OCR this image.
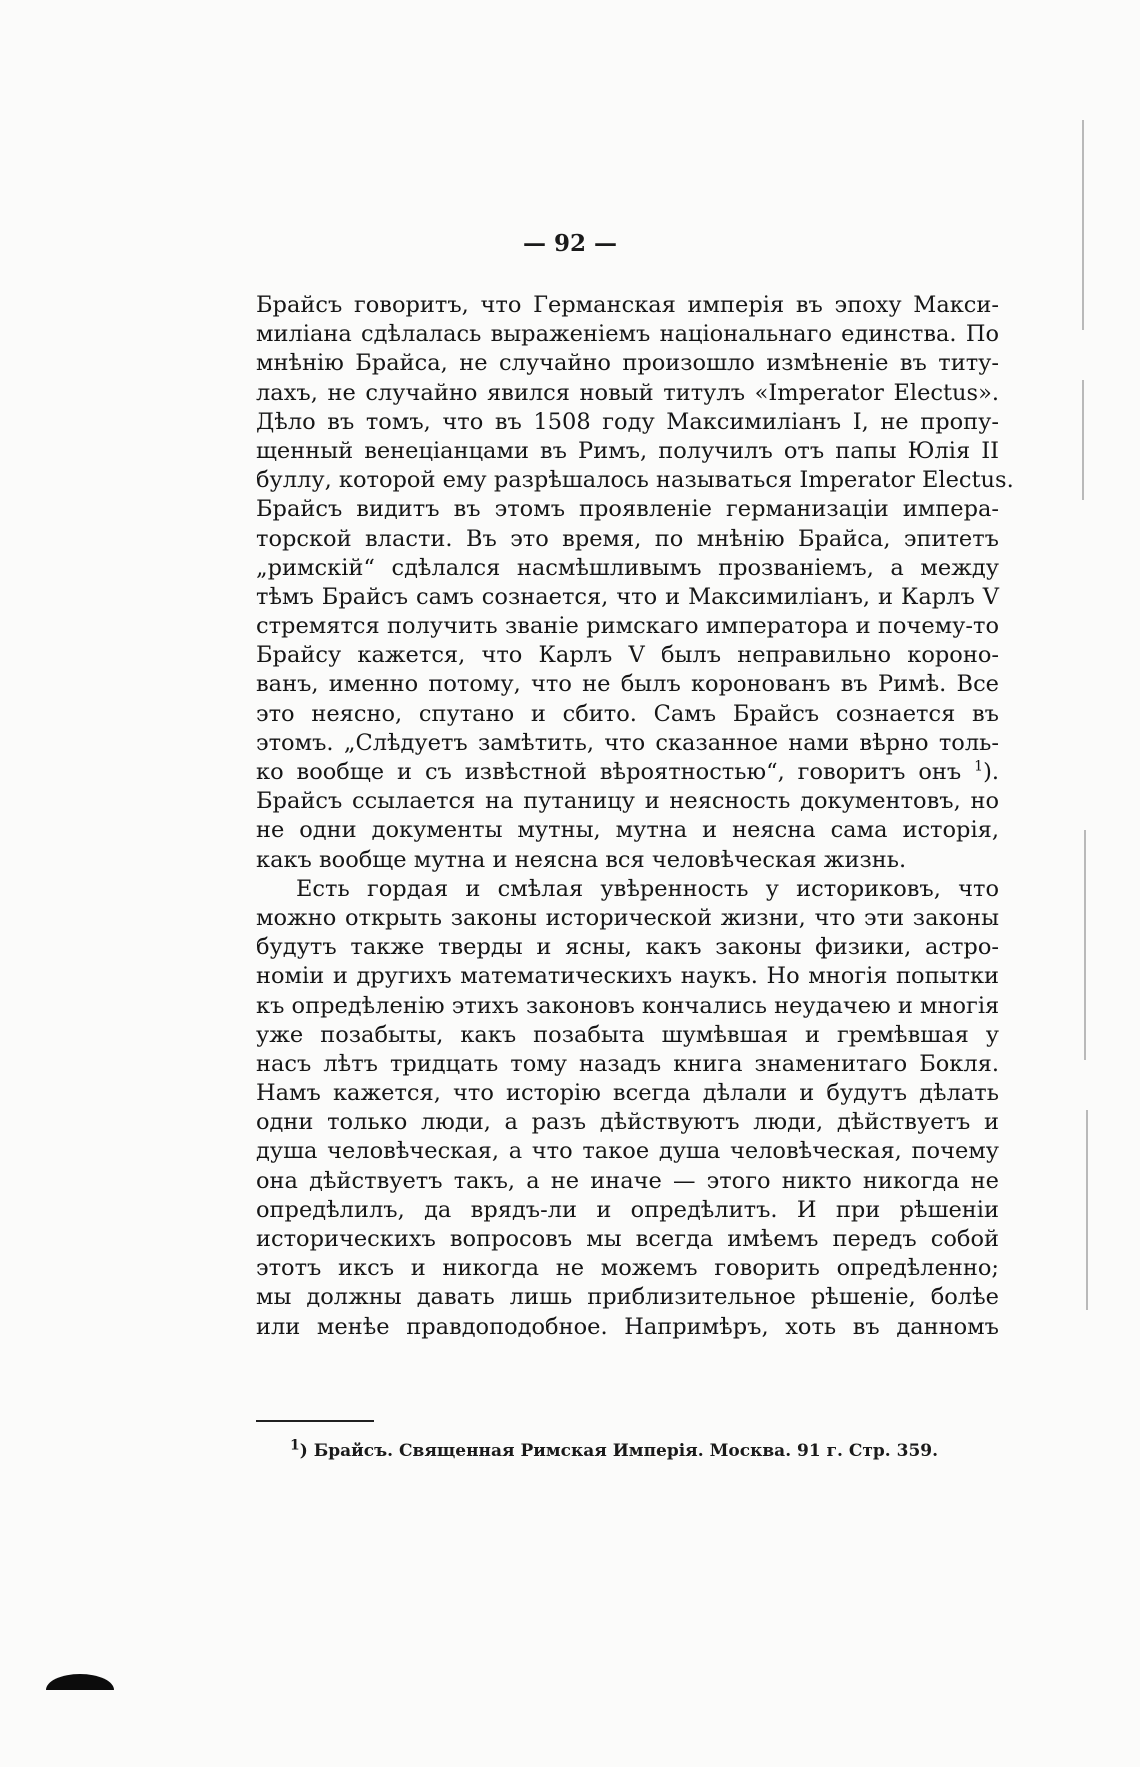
— 92 —
Брайсъ говоритъ, что Германская имперія въ эпоху Макси-
миліана сдѣлалась выраженіемъ національнаго единства. По
мнѣнію Брайса, не случайно произошло измѣненіе въ титу-
лахъ, не случайно явился новый титулъ «Imperator Electus».
Дѣло въ томъ, что въ 1508 году Максимиліанъ I, не пропу-
щенный венеціанцами въ Римъ, получилъ отъ папы Юлія II
буллу, которой ему разрѣшалось называться Imperator Electus.
Брайсъ видитъ въ этомъ проявленіе германизаціи импера-
торской власти. Въ это время, по мнѣнію Брайса, эпитетъ
„римскій“ сдѣлался насмѣшливымъ прозваніемъ, а между
тѣмъ Брайсъ самъ сознается, что и Максимиліанъ, и Карлъ V
стремятся получить званіе римскаго императора и почему-то
Брайсу кажется, что Карлъ V былъ неправильно короно-
ванъ, именно потому, что не былъ коронованъ въ Римѣ. Все
это неясно, спутано и сбито. Самъ Брайсъ сознается въ
этомъ. „Слѣдуетъ замѣтить, что сказанное нами вѣрно толь-
ко вообще и съ извѣстной вѣроятностью“, говоритъ онъ $^1$).
Брайсъ ссылается на путаницу и неясность документовъ, но
не одни документы мутны, мутна и неясна сама исторія,
какъ вообще мутна и неясна вся человѣческая жизнь.
Есть гордая и смѣлая увѣренность у историковъ, что
можно открыть законы исторической жизни, что эти законы
будутъ также тверды и ясны, какъ законы физики, астро-
номіи и другихъ математическихъ наукъ. Но многія попытки
къ опредѣленію этихъ законовъ кончались неудачею и многія
уже позабыты, какъ позабыта шумѣвшая и гремѣвшая у
насъ лѣтъ тридцать тому назадъ книга знаменитаго Бокля.
Намъ кажется, что исторію всегда дѣлали и будутъ дѣлать
одни только люди, а разъ дѣйствуютъ люди, дѣйствуетъ и
душа человѣческая, а что такое душа человѣческая, почему
она дѣйствуетъ такъ, а не иначе — этого никто никогда не
опредѣлилъ, да врядъ-ли и опредѣлитъ. И при рѣшеніи
историческихъ вопросовъ мы всегда имѣемъ передъ собой
этотъ иксъ и никогда не можемъ говорить опредѣленно;
мы должны давать лишь приблизительное рѣшеніе, болѣе
или менѣе правдоподобное. Напримѣръ, хоть въ данномъ
$^1$) Брайсъ. Священная Римская Имперія. Москва. 91 г. Стр. 359.
